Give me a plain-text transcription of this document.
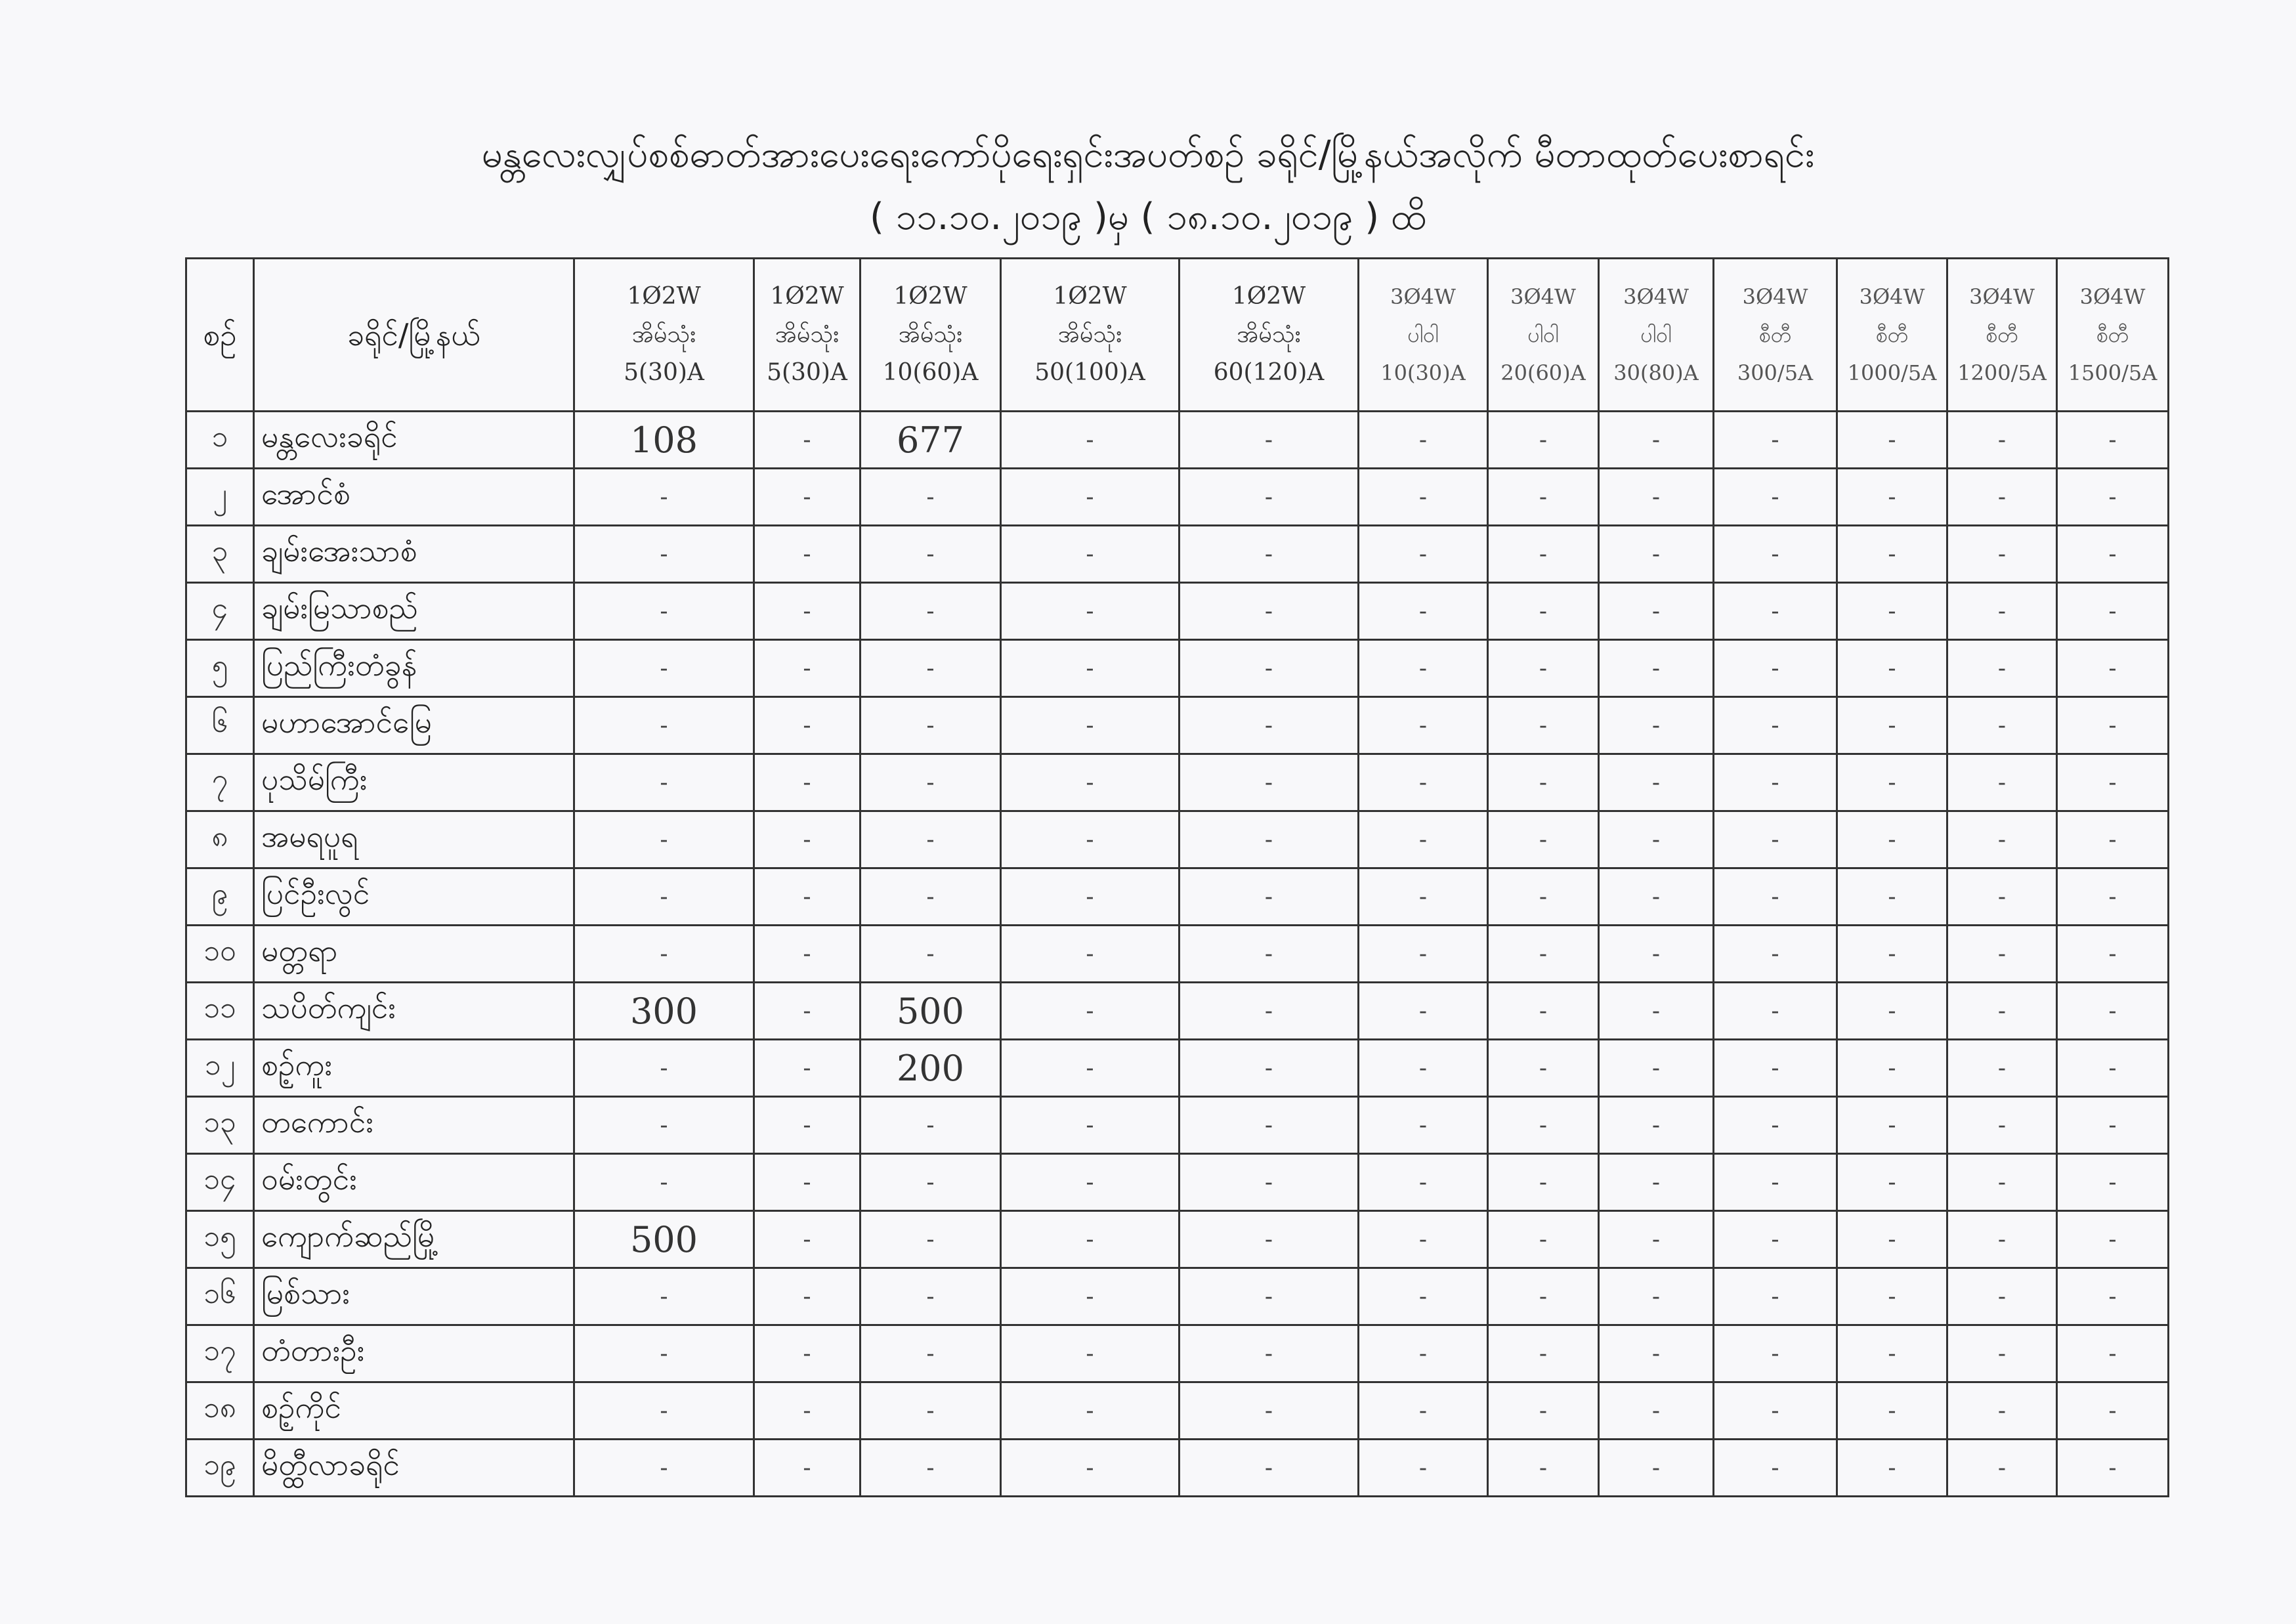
မန္တလေးလျှပ်စစ်ဓာတ်အားပေးရေးကော်ပိုရေးရှင်းအပတ်စဉ် ခရိုင်/မြို့နယ်အလိုက် မီတာထုတ်ပေးစာရင်း
( ၁၁.၁၀.၂၀၁၉ )မှ ( ၁၈.၁၀.၂၀၁၉ ) ထိ
စဉ်	ခရိုင်/မြို့နယ်	1Ø2W
အိမ်သုံး
5(30)A	1Ø2W
အိမ်သုံး
5(30)A	1Ø2W
အိမ်သုံး
10(60)A	1Ø2W
အိမ်သုံး
50(100)A	1Ø2W
အိမ်သုံး
60(120)A	3Ø4W
ပါဝါ
10(30)A	3Ø4W
ပါဝါ
20(60)A	3Ø4W
ပါဝါ
30(80)A	3Ø4W
စီတီ
300/5A	3Ø4W
စီတီ
1000/5A	3Ø4W
စီတီ
1200/5A	3Ø4W
စီတီ
1500/5A

၁	မန္တလေးခရိုင်	108	-	677	-	-	-	-	-	-	-	-	-
၂	အောင်စံ	-	-	-	-	-	-	-	-	-	-	-	-
၃	ချမ်းအေးသာစံ	-	-	-	-	-	-	-	-	-	-	-	-
၄	ချမ်းမြသာစည်	-	-	-	-	-	-	-	-	-	-	-	-
၅	ပြည်ကြီးတံခွန်	-	-	-	-	-	-	-	-	-	-	-	-
၆	မဟာအောင်မြေ	-	-	-	-	-	-	-	-	-	-	-	-
၇	ပုသိမ်ကြီး	-	-	-	-	-	-	-	-	-	-	-	-
၈	အမရပူရ	-	-	-	-	-	-	-	-	-	-	-	-
၉	ပြင်ဦးလွင်	-	-	-	-	-	-	-	-	-	-	-	-
၁၀	မတ္တရာ	-	-	-	-	-	-	-	-	-	-	-	-
၁၁	သပိတ်ကျင်း	300	-	500	-	-	-	-	-	-	-	-	-
၁၂	စဉ့်ကူး	-	-	200	-	-	-	-	-	-	-	-	-
၁၃	တကောင်း	-	-	-	-	-	-	-	-	-	-	-	-
၁၄	ဝမ်းတွင်း	-	-	-	-	-	-	-	-	-	-	-	-
၁၅	ကျောက်ဆည်မြို့	500	-	-	-	-	-	-	-	-	-	-	-
၁၆	မြစ်သား	-	-	-	-	-	-	-	-	-	-	-	-
၁၇	တံတားဦး	-	-	-	-	-	-	-	-	-	-	-	-
၁၈	စဉ့်ကိုင်	-	-	-	-	-	-	-	-	-	-	-	-
၁၉	မိတ္ထီလာခရိုင်	-	-	-	-	-	-	-	-	-	-	-	-
